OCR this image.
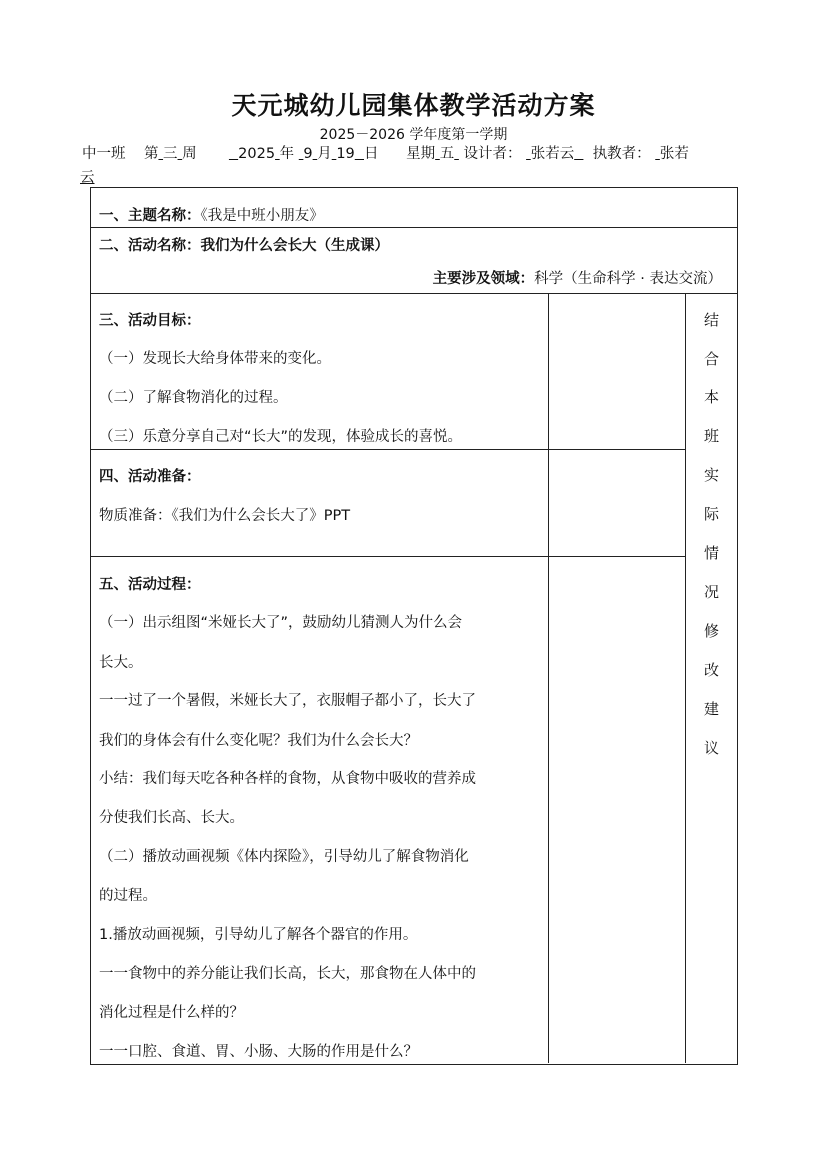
天元城幼儿园集体教学活动方案
2025－2026 学年度第一学期
中一班 第 三 周	2025 年 9 月 19 日 星期 五 设计者： 张若云 执教者： 张若
云
一、主题名称：《我是中班小朋友》
二、活动名称：我们为什么会长大（生成课）
主要涉及领域：科学（生命科学 · 表达交流）
三、活动目标：
（一）发现长大给身体带来的变化。
（二）了解食物消化的过程。
（三）乐意分享自己对“长大”的发现，体验成长的喜悦。
四、活动准备：
物质准备：《我们为什么会长大了》PPT
五、活动过程：
（一）出示组图“米娅长大了”，鼓励幼儿猜测人为什么会
长大。
一一过了一个暑假，米娅长大了，衣服帽子都小了，长大了
我们的身体会有什么变化呢？我们为什么会长大？
小结：我们每天吃各种各样的食物，从食物中吸收的营养成
分使我们长高、长大。
（二）播放动画视频《体内探险》，引导幼儿了解食物消化
的过程。
1.播放动画视频，引导幼儿了解各个器官的作用。
一一食物中的养分能让我们长高，长大，那食物在人体中的
消化过程是什么样的？
一一口腔、食道、胃、小肠、大肠的作用是什么？
结
合
本
班
实
际
情
况
修
改
建
议
